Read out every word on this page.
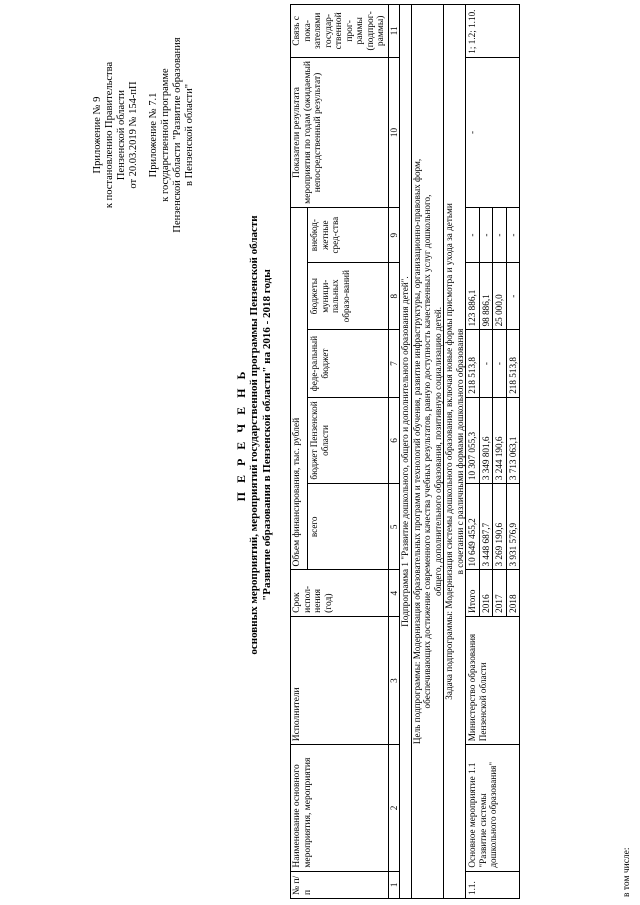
Приложение № 9 к постановлению Правительства Пензенской области от 20.03.2019 № 154-пП Приложение № 7.1 к государственной программе Пензенской области "Развитие образования в Пензенской области"
П Е Р Е Ч Е Н Ь основных мероприятий, мероприятий государственной программы Пензенской области "Развитие образования в Пензенской области" на 2016 - 2018 годы
№ п/п	Наименование основного мероприятия, мероприятия	Исполнители	Срок испол-нения (год)	Объем финансирования, тыс. рублей					Показатели результата мероприятия по годам (ожидаемый непосредственный результат)	Связь с пока-зателями государ-ственной прог-раммы (подпрог-раммы)
				всего	бюджет Пензенской области	феде-ральный бюджет	бюджеты муници-пальных образо-ваний	внебюд-жетные сред-ства		
1	2	3	4	5	6	7	8	9	10	11
Подпрограмма 1 "Развитие дошкольного, общего и дополнительного образования детей".										

Цель подпрограммы: Модернизация образовательных программ и технологий обучения, развитие инфраструктуры, организационно-правовых форм, обеспечивающих достижение современного качества учебных результатов, равную доступность качественных услуг дошкольного, общего, дополнительного образования, позитивную социализацию детей.										

Задача подпрограммы: Модернизация системы дошкольного образования, включая новые формы присмотра и ухода за детьми в сочетании с различными формами дошкольного образования										

1.1.	Основное мероприятие 1.1 "Развитие системы дошкольного образования"	Министерство образования Пензенской области	Итого	10 649 455,2	10 307 055,3	218 513,8	123 886,1	-	-	1; 1.2; 1.10.
			2016	3 448 687,7	3 349 801,6	-	98 886,1	-		
			2017	3 269 190,6	3 244 190,6	-	25 000,0	-		
			2018	3 931 576,9	3 713 063,1	218 513,8	-	-		
в том числе:
